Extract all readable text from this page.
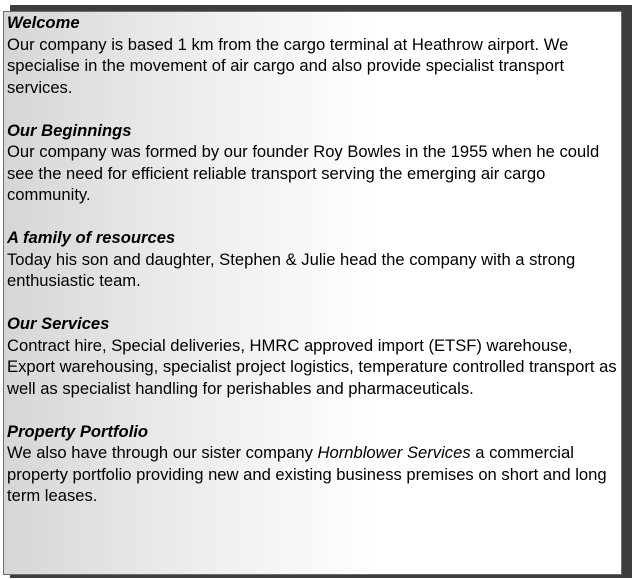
Welcome

Our company is based 1 km from the cargo terminal at Heathrow airport. We specialise in the movement of air cargo and also provide specialist transport services.

Our Beginnings

Our company was formed by our founder Roy Bowles in the 1955 when he could see the need for efficient reliable transport serving the emerging air cargo community.

A family of resources

Today his son and daughter, Stephen & Julie head the company with a strong enthusiastic team.

Our Services

Contract hire, Special deliveries, HMRC approved import (ETSF) warehouse, Export warehousing, specialist project logistics, temperature controlled transport as well as specialist handling for perishables and pharmaceuticals.

Property Portfolio

We also have through our sister company Hornblower Services a commercial property portfolio providing new and existing business premises on short and long term leases.
